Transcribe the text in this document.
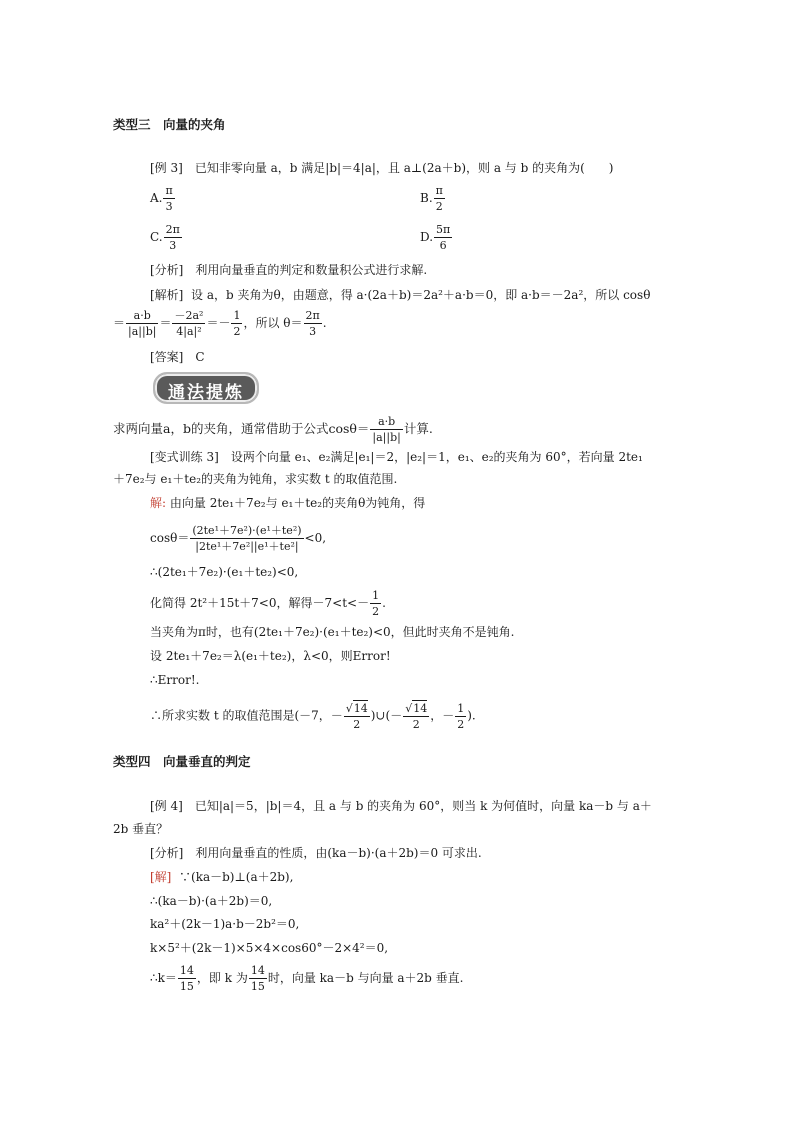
类型三　向量的夹角
[例 3]　已知非零向量 a，b 满足|b|＝4|a|，且 a⊥(2a＋b)，则 a 与 b 的夹角为(　　)
A. $\frac{\pi}{3}$	B. $\frac{\pi}{2}$
C. $\frac{2\pi}{3}$	D. $\frac{5\pi}{6}$
[分析]　利用向量垂直的判定和数量积公式进行求解.
[解析] 设 a，b 夹角为θ，由题意，得 a·(2a＋b)＝2a²＋a·b＝0，即 a·b＝－2a²，所以 cosθ
＝ $\frac{a\cdot b}{|a||b|} = \frac{\text{－2a²}}{\text{4|a|²}} =- \frac{1}{2}$ ，所以 $\theta= \frac{2\pi}{3}$ .
[答案]　C
通法提炼
求两向量a，b的夹角，通常借助于公式$\cos\theta= \frac{a\cdot b}{|a||b|}$ 计算.
[变式训练 3]　设两个向量 e₁、e₂满足|e₁|＝2，|e₂|＝1，e₁、e₂的夹角为 60°，若向量 2te₁
＋7e₂与 e₁＋te₂的夹角为钝角，求实数 t 的取值范围.
解: 由向量 2te₁＋7e₂与 e₁＋te₂的夹角θ为钝角，得
$\cos\theta= \frac{\text{(2te¹＋7e²)·(e¹＋te²)}}{\text{|2te¹＋7e²||e¹＋te²|}} <0$,
∴(2te₁＋7e₂)·(e₁＋te₂)<0,
化简得 2t²＋15t＋7<0，解得$-7<t<- \frac{1}{2}$ .
当夹角为π时，也有(2te₁＋7e₂)·(e₁＋te₂)<0，但此时夹角不是钝角.
设 2te₁＋7e₂＝λ(e₁＋te₂)，λ<0，则Error!
∴Error!.
∴所求实数 t 的取值范围是(－7，－ $\frac{√14}{2}$ )∪(－ $\frac{√14}{2}$ ，－ $\frac{1}{2}$ ).
类型四　向量垂直的判定
[例 4]　已知|a|＝5，|b|＝4，且 a 与 b 的夹角为 60°，则当 k 为何值时，向量 ka－b 与 a＋
2b 垂直？
[分析]　利用向量垂直的性质，由(ka－b)·(a＋2b)＝0 可求出.
[解] ∵(ka－b)⊥(a＋2b),
∴(ka－b)·(a＋2b)＝0,
ka²＋(2k－1)a·b－2b²＝0,
k×5²＋(2k－1)×5×4×cos60°－2×4²＝0,
∴k＝ $\frac{14}{15}$ ，即 k 为 $\frac{14}{15}$ 时，向量 ka－b 与向量 a＋2b 垂直.
